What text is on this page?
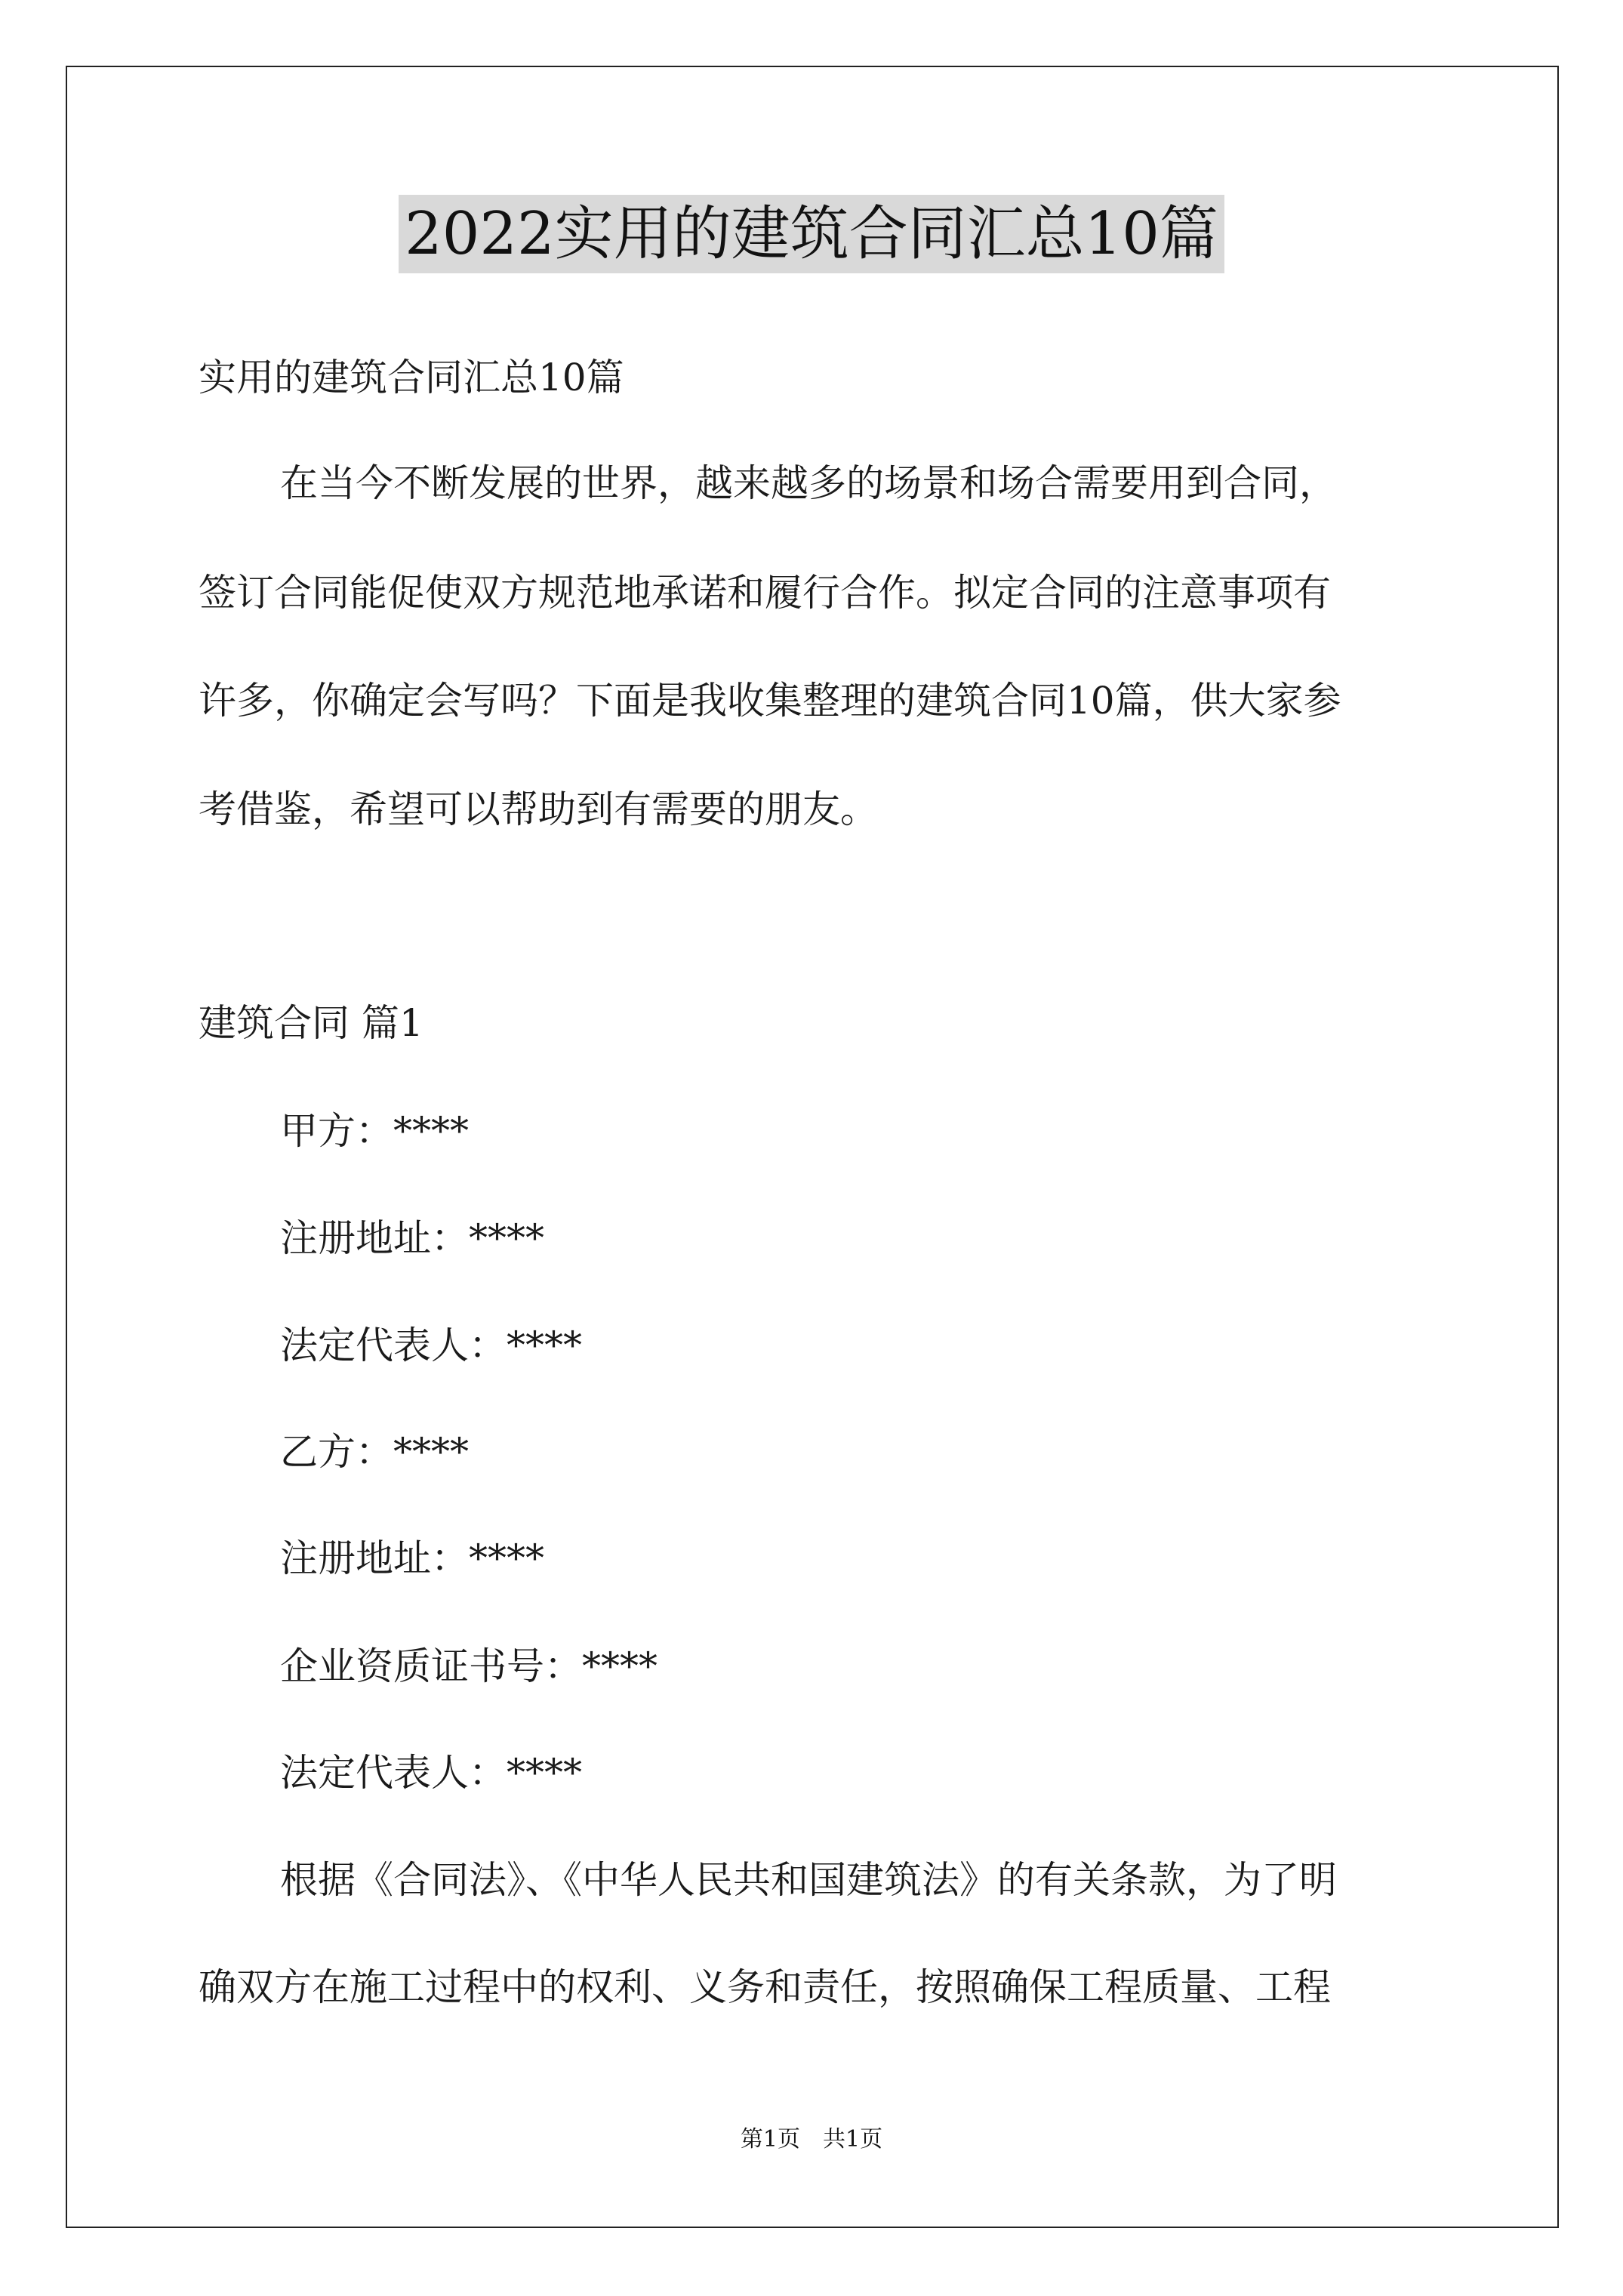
2022实用的建筑合同汇总10篇
实用的建筑合同汇总10篇
在当今不断发展的世界，越来越多的场景和场合需要用到合同，
签订合同能促使双方规范地承诺和履行合作。拟定合同的注意事项有
许多，你确定会写吗？下面是我收集整理的建筑合同10篇，供大家参
考借鉴，希望可以帮助到有需要的朋友。
建筑合同 篇1
甲方：****
注册地址：****
法定代表人：****
乙方：****
注册地址：****
企业资质证书号：****
法定代表人：****
根据《合同法》、《中华人民共和国建筑法》的有关条款，为了明
确双方在施工过程中的权利、义务和责任，按照确保工程质量、工程
第1页　共1页
